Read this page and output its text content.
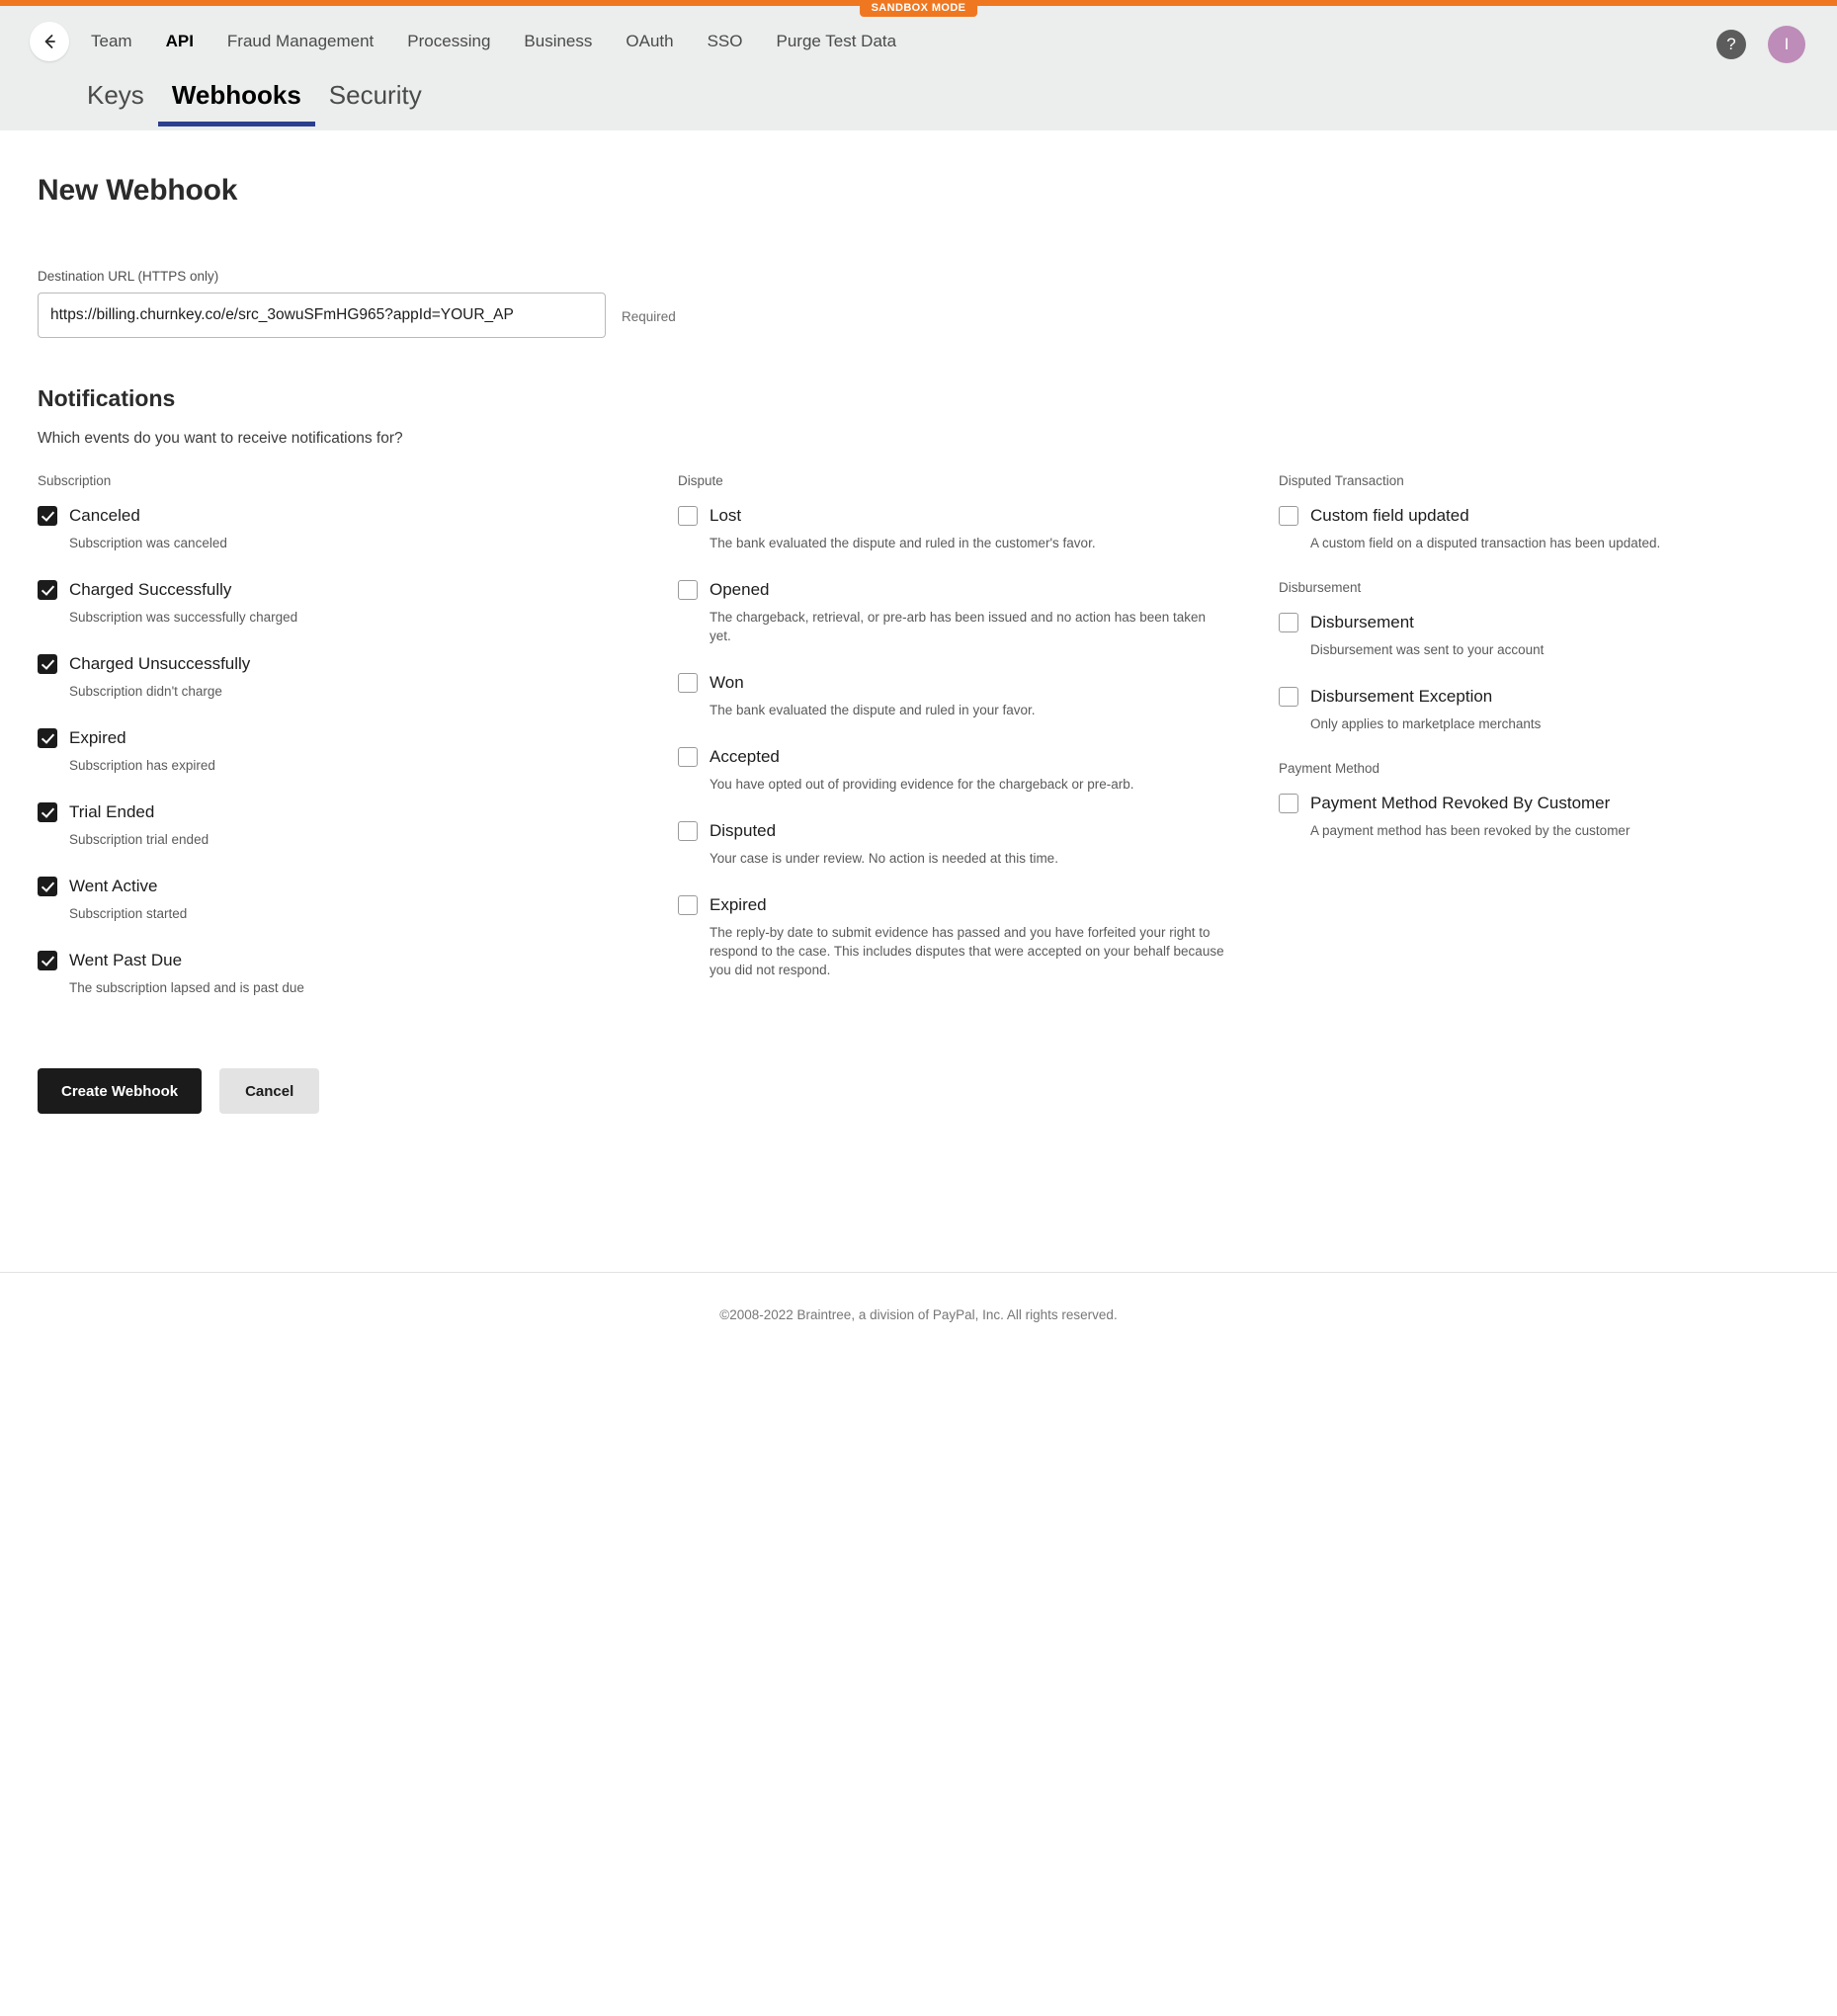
SANDBOX MODE
Team	API	Fraud Management	Processing	Business	OAuth	SSO	Purge Test Data	?	I
Keys	Webhooks	Security
New Webhook
Destination URL (HTTPS only)
https://billing.churnkey.co/e/src_3owuSFmHG965?appId=YOUR_AP
Required
Notifications

Which events do you want to receive notifications for?

Subscription
Canceled
Subscription was canceled
Charged Successfully
Subscription was successfully charged
Charged Unsuccessfully
Subscription didn't charge
Expired
Subscription has expired
Trial Ended
Subscription trial ended
Went Active
Subscription started
Went Past Due
The subscription lapsed and is past due
Dispute
Lost
The bank evaluated the dispute and ruled in the customer's favor.
Opened
The chargeback, retrieval, or pre-arb has been issued and no action has been taken yet.
Won
The bank evaluated the dispute and ruled in your favor.
Accepted
You have opted out of providing evidence for the chargeback or pre-arb.
Disputed
Your case is under review. No action is needed at this time.
Expired
The reply-by date to submit evidence has passed and you have forfeited your right to respond to the case. This includes disputes that were accepted on your behalf because you did not respond.
Disputed Transaction
Custom field updated
A custom field on a disputed transaction has been updated.
Disbursement
Disbursement
Disbursement was sent to your account
Disbursement Exception
Only applies to marketplace merchants
Payment Method
Payment Method Revoked By Customer
A payment method has been revoked by the customer
Create Webhook	Cancel
©2008-2022 Braintree, a division of PayPal, Inc. All rights reserved.
